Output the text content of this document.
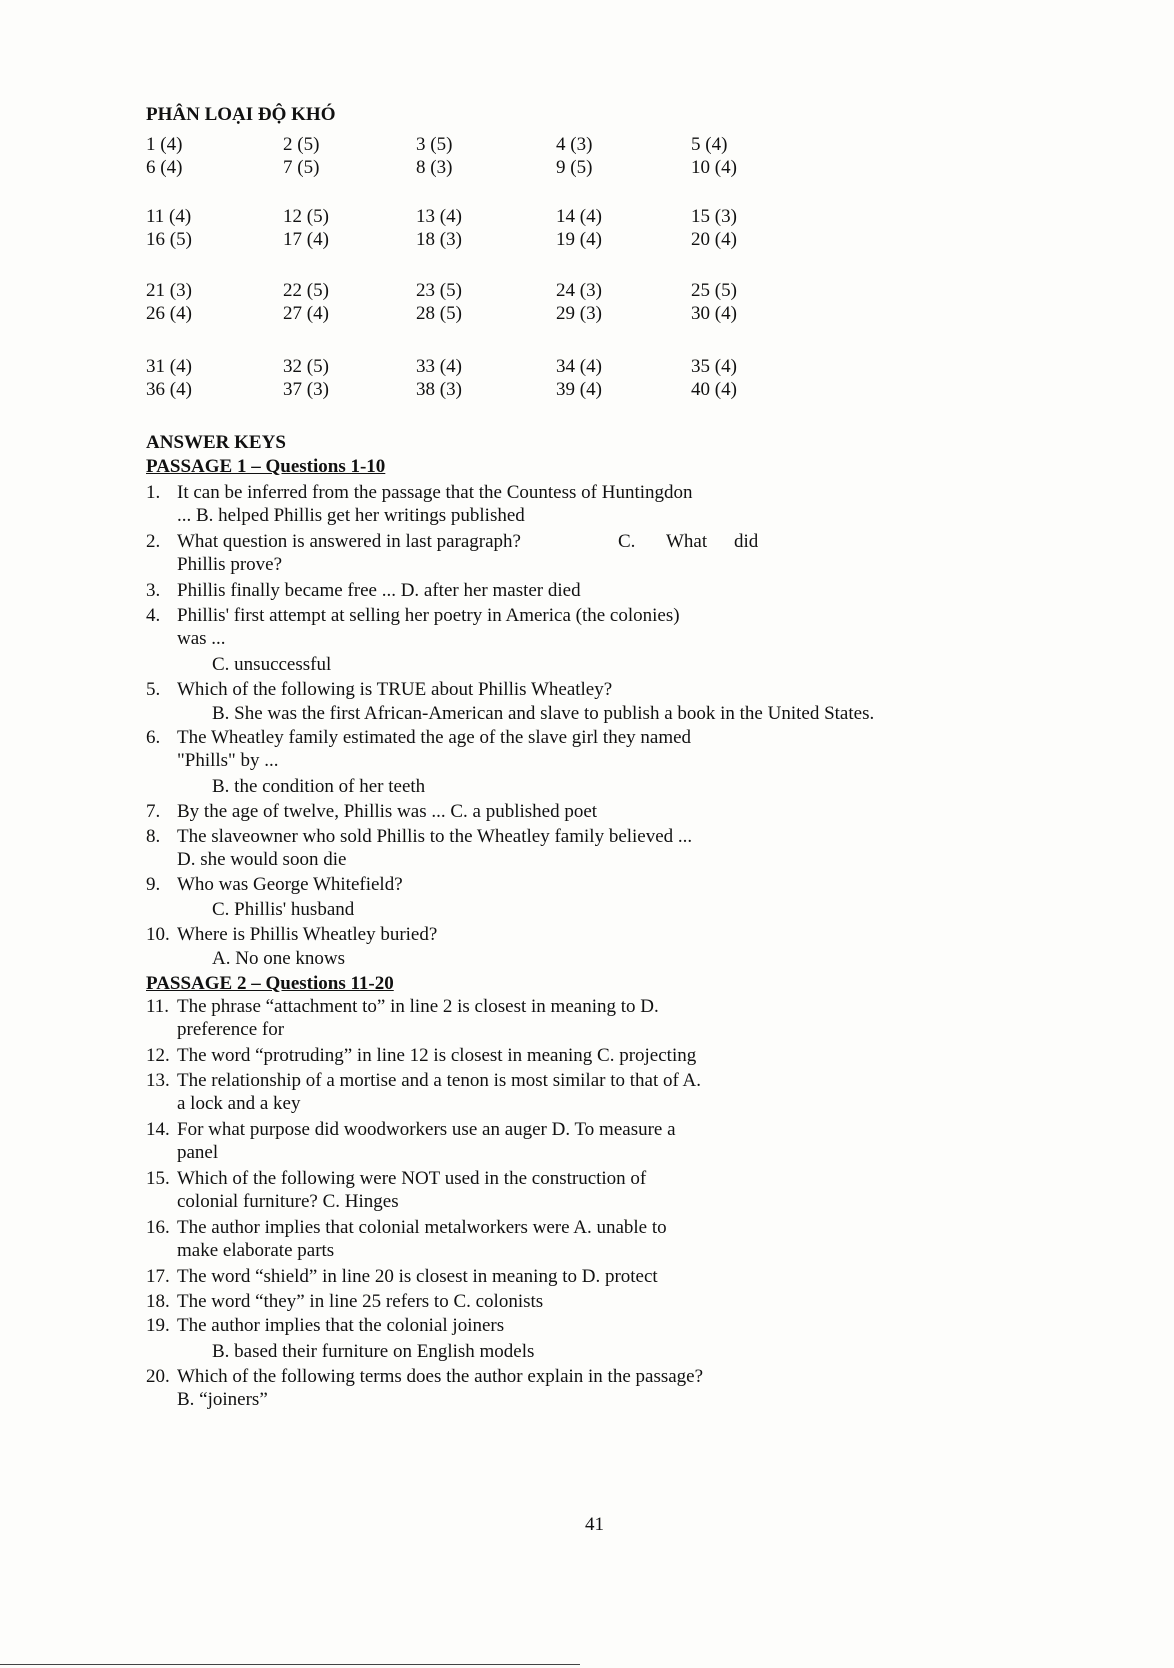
PHÂN LOẠI ĐỘ KHÓ
1 (4)	2 (5)	3 (5)	4 (3)	5 (4)
6 (4)	7 (5)	8 (3)	9 (5)	10 (4)
11 (4)	12 (5)	13 (4)	14 (4)	15 (3)
16 (5)	17 (4)	18 (3)	19 (4)	20 (4)
21 (3)	22 (5)	23 (5)	24 (3)	25 (5)
26 (4)	27 (4)	28 (5)	29 (3)	30 (4)
31 (4)	32 (5)	33 (4)	34 (4)	35 (4)
36 (4)	37 (3)	38 (3)	39 (4)	40 (4)
ANSWER KEYS
PASSAGE 1 – Questions 1-10
1. It can be inferred from the passage that the Countess of Huntingdon
... B. helped Phillis get her writings published
2. What question is answered in last paragraph?	C. What did
Phillis prove?
3. Phillis finally became free ... D. after her master died
4. Phillis' first attempt at selling her poetry in America (the colonies)
was ...
C. unsuccessful
5. Which of the following is TRUE about Phillis Wheatley?
B. She was the first African-American and slave to publish a book in the United States.
6. The Wheatley family estimated the age of the slave girl they named
"Phills" by ...
B. the condition of her teeth
7. By the age of twelve, Phillis was ... C. a published poet
8. The slaveowner who sold Phillis to the Wheatley family believed ...
D. she would soon die
9. Who was George Whitefield?
C. Phillis' husband
10. Where is Phillis Wheatley buried?
A. No one knows
PASSAGE 2 – Questions 11-20
11. The phrase “attachment to” in line 2 is closest in meaning to D.
preference for
12. The word “protruding” in line 12 is closest in meaning C. projecting
13. The relationship of a mortise and a tenon is most similar to that of A.
a lock and a key
14. For what purpose did woodworkers use an auger D. To measure a
panel
15. Which of the following were NOT used in the construction of
colonial furniture? C. Hinges
16. The author implies that colonial metalworkers were A. unable to
make elaborate parts
17. The word “shield” in line 20 is closest in meaning to D. protect
18. The word “they” in line 25 refers to C. colonists
19. The author implies that the colonial joiners
B. based their furniture on English models
20. Which of the following terms does the author explain in the passage?
B. “joiners”
41
